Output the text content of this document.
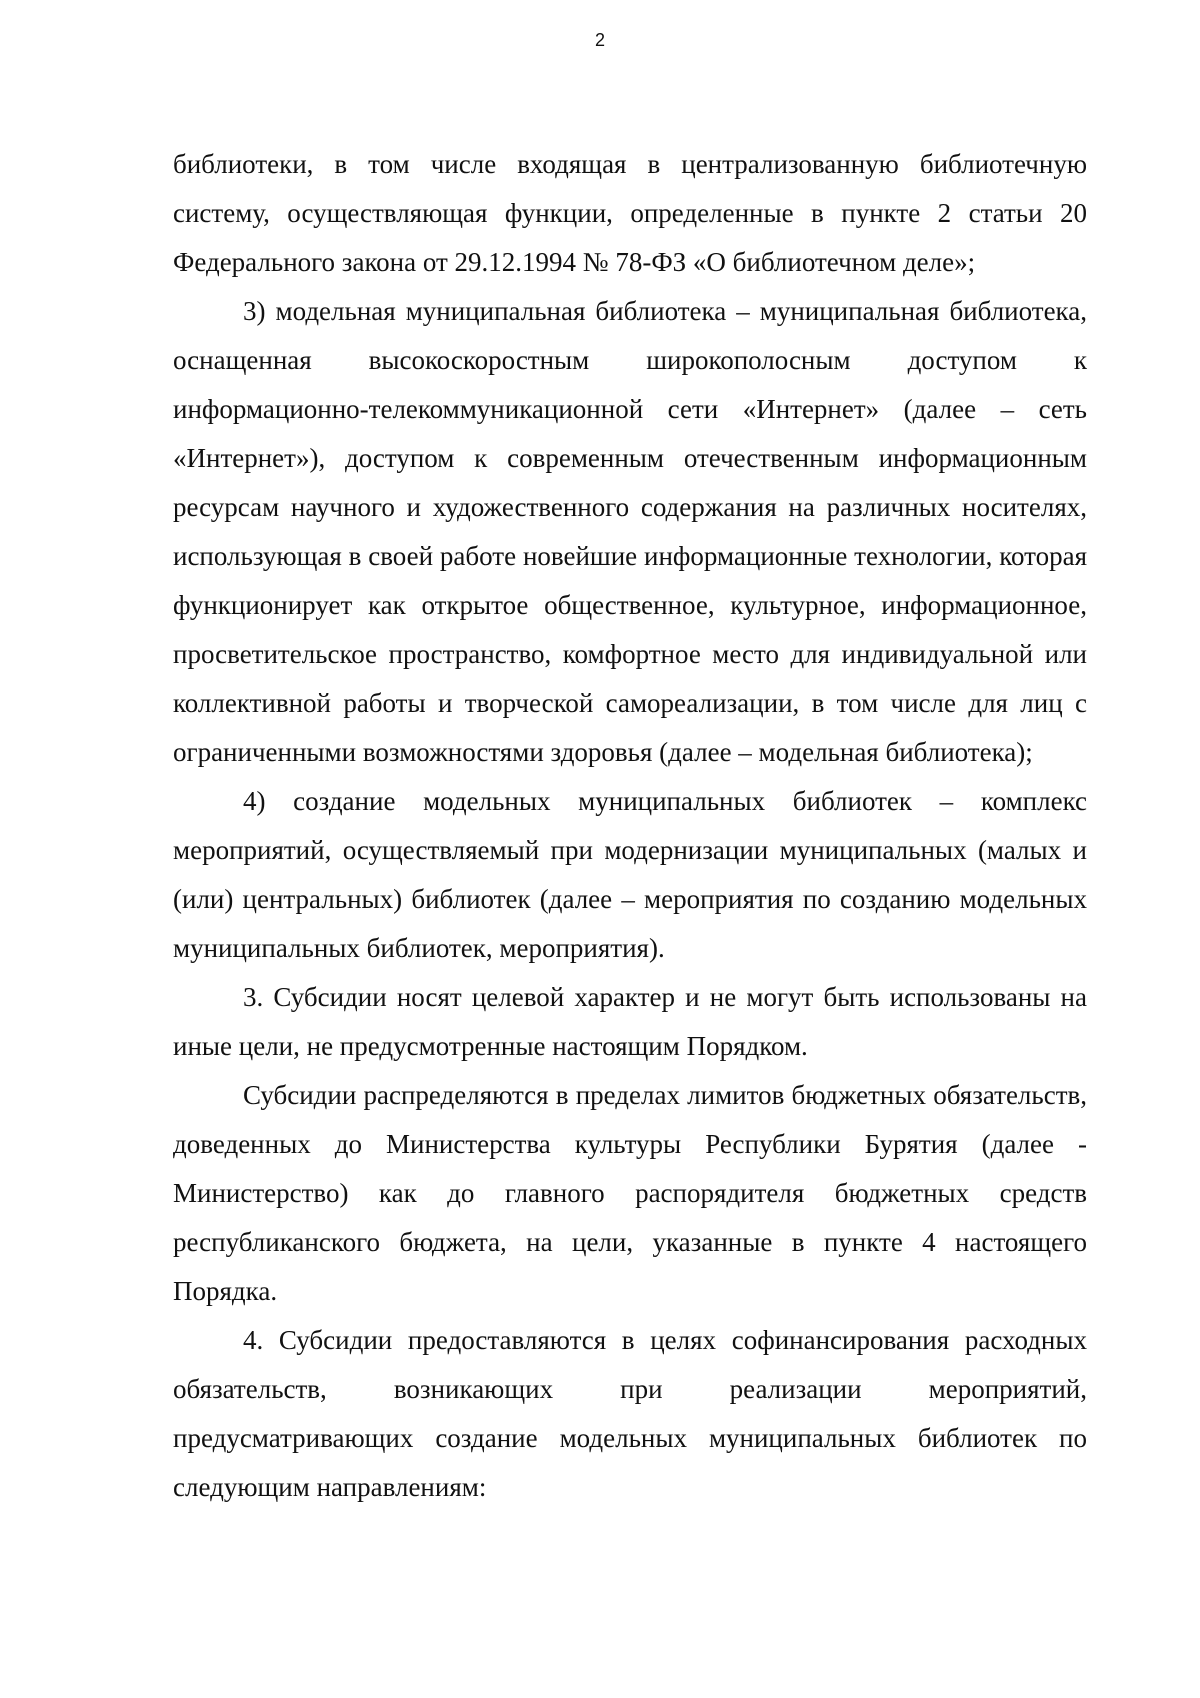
2

библиотеки, в том числе входящая в централизованную библиотечную систему, осуществляющая функции, определенные в пункте 2 статьи 20 Федерального закона от 29.12.1994 № 78-ФЗ «О библиотечном деле»;

3) модельная муниципальная библиотека – муниципальная библиотека, оснащенная высокоскоростным широкополосным доступом к информационно-телекоммуникационной сети «Интернет» (далее – сеть «Интернет»), доступом к современным отечественным информационным ресурсам научного и художественного содержания на различных носителях, использующая в своей работе новейшие информационные технологии, которая функционирует как открытое общественное, культурное, информационное, просветительское пространство, комфортное место для индивидуальной или коллективной работы и творческой самореализации, в том числе для лиц с ограниченными возможностями здоровья (далее – модельная библиотека);

4) создание модельных муниципальных библиотек – комплекс мероприятий, осуществляемый при модернизации муниципальных (малых и (или) центральных) библиотек (далее – мероприятия по созданию модельных муниципальных библиотек, мероприятия).

3. Субсидии носят целевой характер и не могут быть использованы на иные цели, не предусмотренные настоящим Порядком.

Субсидии распределяются в пределах лимитов бюджетных обязательств, доведенных до Министерства культуры Республики Бурятия (далее - Министерство) как до главного распорядителя бюджетных средств республиканского бюджета, на цели, указанные в пункте 4 настоящего Порядка.

4. Субсидии предоставляются в целях софинансирования расходных обязательств, возникающих при реализации мероприятий, предусматривающих создание модельных муниципальных библиотек по следующим направлениям:
